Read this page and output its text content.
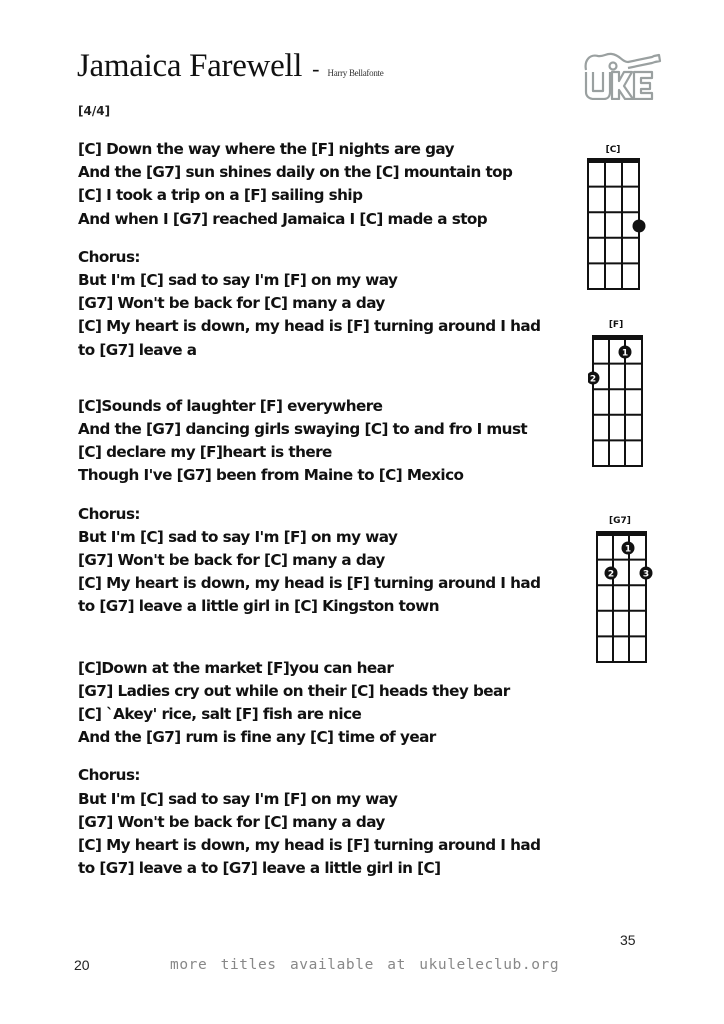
Jamaica Farewell - Harry Bellafonte
[4/4]
[C] Down the way where the [F] nights are gay
And the [G7] sun shines daily on the [C] mountain top
[C] I took a trip on a [F] sailing ship
And when I [G7] reached Jamaica I [C] made a stop
Chorus:
But I'm [C] sad to say I'm [F] on my way
[G7] Won't be back for [C] many a day
[C] My heart is down, my head is [F] turning around I had
to [G7] leave a
[C]Sounds of laughter [F] everywhere
And the [G7] dancing girls swaying [C] to and fro I must
[C] declare my [F]heart is there
Though I've [G7] been from Maine to [C] Mexico
Chorus:
But I'm [C] sad to say I'm [F] on my way
[G7] Won't be back for [C] many a day
[C] My heart is down, my head is [F] turning around I had
to [G7] leave a little girl in [C] Kingston town
[C]Down at the market [F]you can hear
[G7] Ladies cry out while on their [C] heads they bear
[C] `Akey' rice, salt [F] fish are nice
And the [G7] rum is fine any [C] time of year
Chorus:
But I'm [C] sad to say I'm [F] on my way
[G7] Won't be back for [C] many a day
[C] My heart is down, my head is [F] turning around I had
to [G7] leave a to [G7] leave a little girl in [C]
[C]
[F]
1
2
[G7]
1
2	3
35
20	more titles available at ukuleleclub.org
